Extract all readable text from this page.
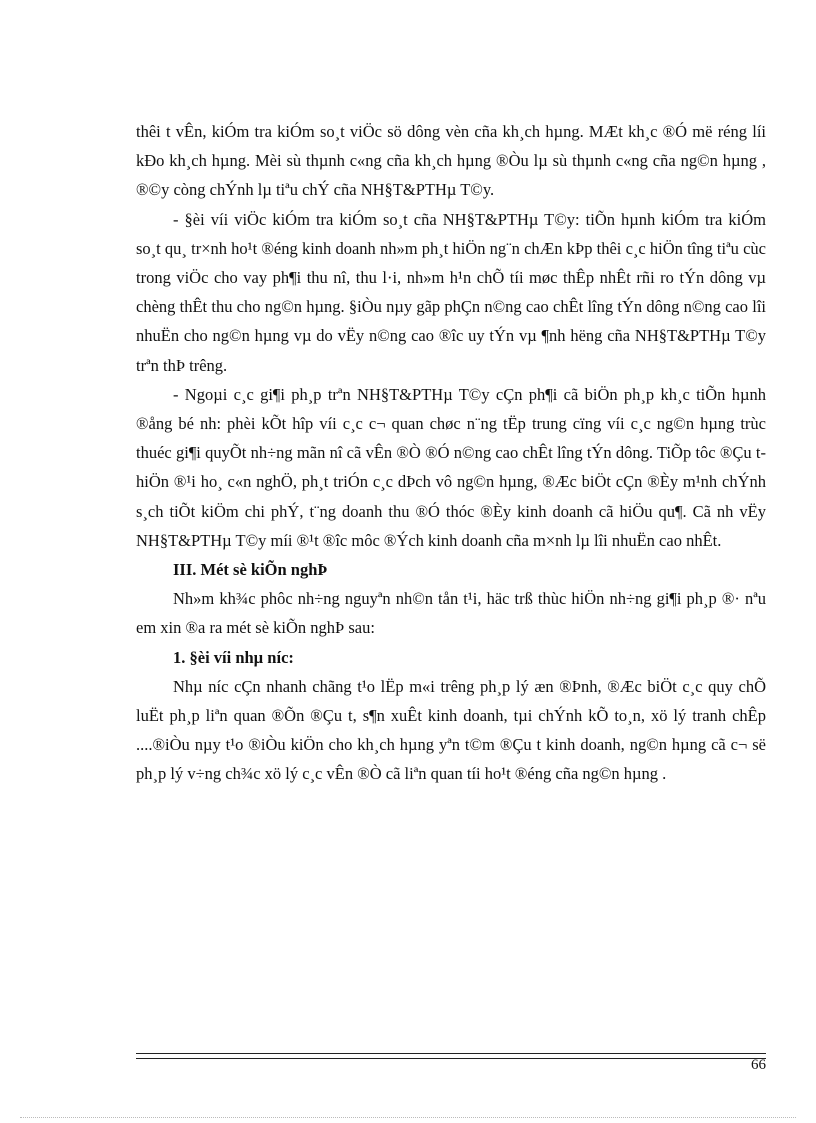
thêi t vÊn, kiÓm tra kiÓm so¸t viÖc sö dông vèn cña kh¸ch hµng. MÆt kh¸c ®Ó më réng líi kÐo kh¸ch hµng. Mèi sù thµnh c«ng cña kh¸ch hµng ®Òu lµ sù thµnh c«ng cña ng©n hµng , ®©y còng chÝnh lµ tiªu chÝ cña NH§T&PTHµ T©y.

- §èi víi viÖc kiÓm tra kiÓm so¸t cña NH§T&PTHµ T©y: tiÕn hµnh kiÓm tra kiÓm so¸t qu¸ tr×nh ho¹t ®éng kinh doanh nh»m ph¸t hiÖn ng¨n chÆn kÞp thêi c¸c hiÖn tîng tiªu cùc trong viÖc cho vay ph¶i thu nî, thu l·i, nh»m h¹n chÕ tíi møc thÊp nhÊt rñi ro tÝn dông vµ chèng thÊt thu cho ng©n hµng. §iÒu nµy gãp phÇn n©ng cao chÊt lîng tÝn dông n©ng cao lîi nhuËn cho ng©n hµng vµ do vËy n©ng cao ®îc uy tÝn vµ ¶nh hëng cña NH§T&PTHµ T©y trªn thÞ trêng.

- Ngoµi c¸c gi¶i ph¸p trªn NH§T&PTHµ T©y cÇn ph¶i cã biÖn ph¸p kh¸c tiÕn hµnh ®ång bé nh: phèi kÕt hîp víi c¸c c¬ quan chøc n¨ng tËp trung cïng víi c¸c ng©n hµng trùc thuéc gi¶i quyÕt nh÷ng mãn nî cã vÊn ®Ò ®Ó n©ng cao chÊt lîng tÝn dông. TiÕp tôc ®Çu t hiÖn ®¹i ho¸ c«n nghÖ, ph¸t triÓn c¸c dÞch vô ng©n hµng, ®Æc biÖt cÇn ®Èy m¹nh chÝnh s¸ch tiÕt kiÖm chi phÝ, t¨ng doanh thu ®Ó thóc ®Èy kinh doanh cã hiÖu qu¶. Cã nh vËy NH§T&PTHµ T©y míi ®¹t ®îc môc ®Ých kinh doanh cña m×nh lµ lîi nhuËn cao nhÊt.

III. Mét sè kiÕn nghÞ

Nh»m kh¾c phôc nh÷ng nguyªn nh©n tån t¹i, häc trß thùc hiÖn nh÷ng gi¶i ph¸p ®· nªu em xin ®a ra mét sè kiÕn nghÞ sau:

1. §èi víi nhµ níc:

Nhµ níc cÇn nhanh chãng t¹o lËp m«i trêng ph¸p lý æn ®Þnh, ®Æc biÖt c¸c quy chÕ luËt ph¸p liªn quan ®Õn ®Çu t, s¶n xuÊt kinh doanh, tµi chÝnh kÕ to¸n, xö lý tranh chÊp ....®iÒu nµy t¹o ®iÒu kiÖn cho kh¸ch hµng yªn t©m ®Çu t kinh doanh, ng©n hµng cã c¬ së ph¸p lý v÷ng ch¾c xö lý c¸c vÊn ®Ò cã liªn quan tíi ho¹t ®éng cña ng©n hµng .

66
